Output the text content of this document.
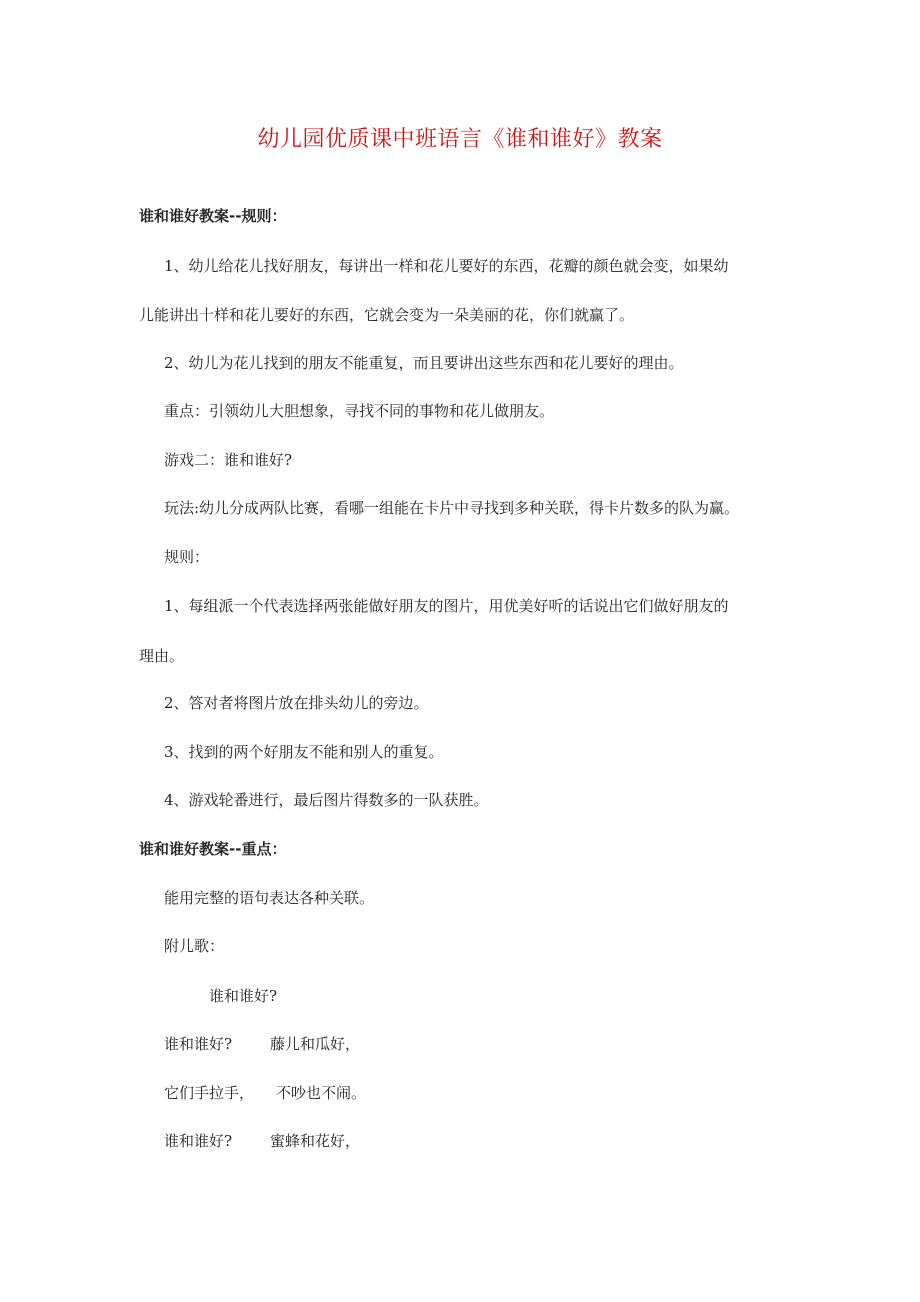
幼儿园优质课中班语言《谁和谁好》教案
谁和谁好教案--规则：
1、幼儿给花儿找好朋友，每讲出一样和花儿要好的东西，花瓣的颜色就会变，如果幼
儿能讲出十样和花儿要好的东西，它就会变为一朵美丽的花，你们就赢了。
2、幼儿为花儿找到的朋友不能重复，而且要讲出这些东西和花儿要好的理由。
重点：引领幼儿大胆想象，寻找不同的事物和花儿做朋友。
游戏二：谁和谁好?
玩法:幼儿分成两队比赛，看哪一组能在卡片中寻找到多种关联，得卡片数多的队为赢。
规则：
1、每组派一个代表选择两张能做好朋友的图片，用优美好听的话说出它们做好朋友的
理由。
2、答对者将图片放在排头幼儿的旁边。
3、找到的两个好朋友不能和别人的重复。
4、游戏轮番进行，最后图片得数多的一队获胜。
谁和谁好教案--重点：
能用完整的语句表达各种关联。
附儿歌：
谁和谁好?
谁和谁好?	藤儿和瓜好，
它们手拉手， 不吵也不闹。
谁和谁好?	蜜蜂和花好，
